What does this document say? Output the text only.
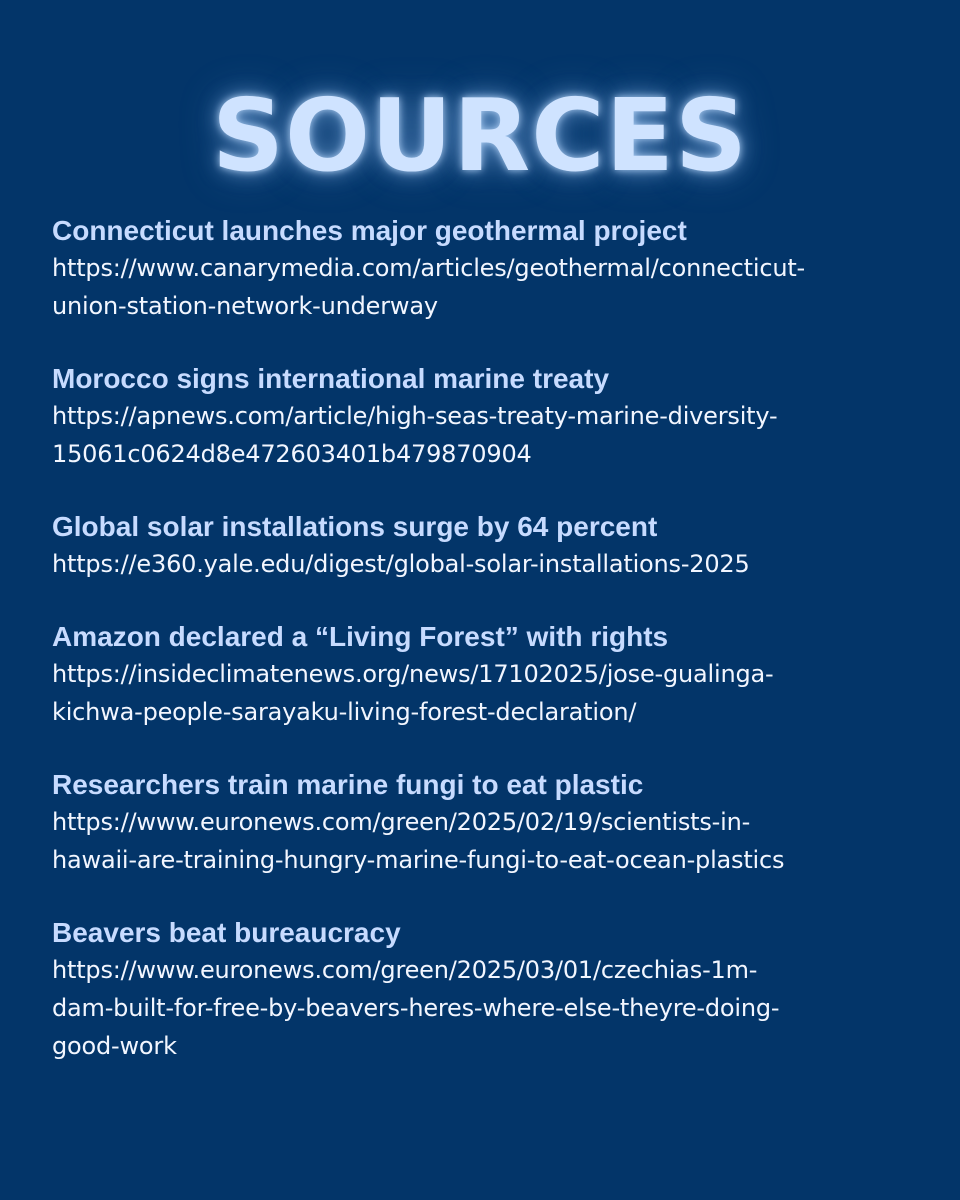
SOURCES
Connecticut launches major geothermal project
https://www.canarymedia.com/articles/geothermal/connecticut-
union-station-network-underway
Morocco signs international marine treaty
https://apnews.com/article/high-seas-treaty-marine-diversity-
15061c0624d8e472603401b479870904
Global solar installations surge by 64 percent
https://e360.yale.edu/digest/global-solar-installations-2025
Amazon declared a “Living Forest” with rights
https://insideclimatenews.org/news/17102025/jose-gualinga-
kichwa-people-sarayaku-living-forest-declaration/
Researchers train marine fungi to eat plastic
https://www.euronews.com/green/2025/02/19/scientists-in-
hawaii-are-training-hungry-marine-fungi-to-eat-ocean-plastics
Beavers beat bureaucracy
https://www.euronews.com/green/2025/03/01/czechias-1m-
dam-built-for-free-by-beavers-heres-where-else-theyre-doing-
good-work
